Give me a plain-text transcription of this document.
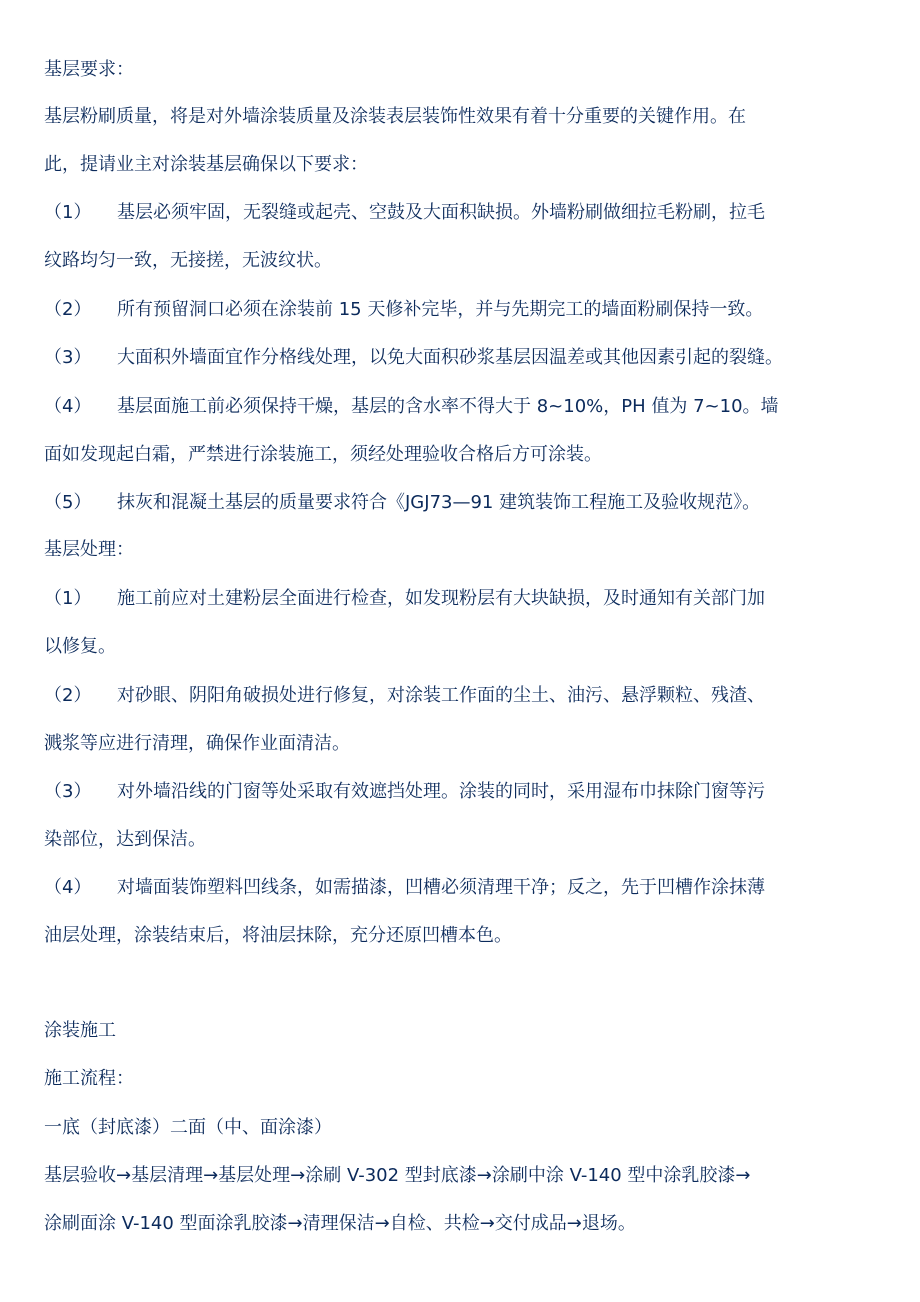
基层要求：
基层粉刷质量，将是对外墙涂装质量及涂装表层装饰性效果有着十分重要的关键作用。在
此，提请业主对涂装基层确保以下要求：
（1） 基层必须牢固，无裂缝或起壳、空鼓及大面积缺损。外墙粉刷做细拉毛粉刷，拉毛
纹路均匀一致，无接搓，无波纹状。
（2） 所有预留洞口必须在涂装前 15 天修补完毕，并与先期完工的墙面粉刷保持一致。
（3） 大面积外墙面宜作分格线处理，以免大面积砂浆基层因温差或其他因素引起的裂缝。
（4） 基层面施工前必须保持干燥，基层的含水率不得大于 8~10%，PH 值为 7~10。墙
面如发现起白霜，严禁进行涂装施工，须经处理验收合格后方可涂装。
（5） 抹灰和混凝土基层的质量要求符合《JGJ73—91 建筑装饰工程施工及验收规范》。
基层处理：
（1） 施工前应对土建粉层全面进行检查，如发现粉层有大块缺损，及时通知有关部门加
以修复。
（2） 对砂眼、阴阳角破损处进行修复，对涂装工作面的尘土、油污、悬浮颗粒、残渣、
溅浆等应进行清理，确保作业面清洁。
（3） 对外墙沿线的门窗等处采取有效遮挡处理。涂装的同时，采用湿布巾抹除门窗等污
染部位，达到保洁。
（4） 对墙面装饰塑料凹线条，如需描漆，凹槽必须清理干净；反之，先于凹槽作涂抹薄
油层处理，涂装结束后，将油层抹除，充分还原凹槽本色。
涂装施工
施工流程：
一底（封底漆）二面（中、面涂漆）
基层验收→基层清理→基层处理→涂刷 V-302 型封底漆→涂刷中涂 V-140 型中涂乳胶漆→
涂刷面涂 V-140 型面涂乳胶漆→清理保洁→自检、共检→交付成品→退场。
